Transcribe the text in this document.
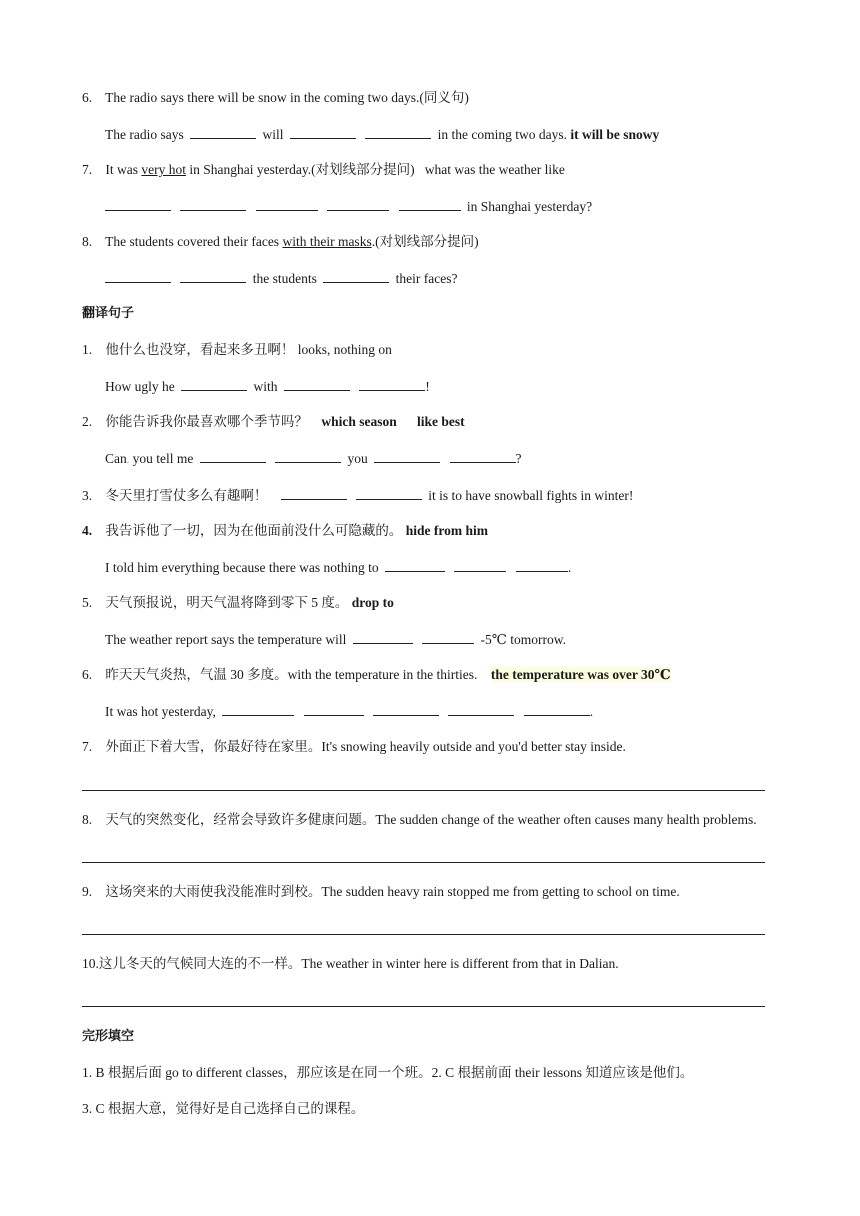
6. The radio says there will be snow in the coming two days.(同义句)
The radio says	will	in the coming two days. it will be snowy
7. It was very hot in Shanghai yesterday.(对划线部分提问) what was the weather like
in Shanghai yesterday?
8. The students covered their faces with their masks.(对划线部分提问)
the students	their faces?
翻译句子
1. 他什么也没穿，看起来多丑啊！ looks, nothing on
How ugly he	with	!
2. 你能告诉我你最喜欢哪个季节吗？ which season like best
Can. you tell me	you	?
3. 冬天里打雪仗多么有趣啊！	it is to have snowball fights in winter!
4. 我告诉他了一切，因为在他面前没什么可隐藏的。 hide from him
I told him everything because there was nothing to	.
5. 天气预报说，明天气温将降到零下 5 度。 drop to
The weather report says the temperature will	-5℃ tomorrow.
6. 昨天天气炎热，气温 30 多度。with the temperature in the thirties. the temperature was over 30℃
It was hot yesterday,	.
7. 外面正下着大雪，你最好待在家里。It's snowing heavily outside and you'd better stay inside.
8. 天气的突然变化，经常会导致许多健康问题。The sudden change of the weather often causes many health problems.
9. 这场突来的大雨使我没能准时到校。The sudden heavy rain stopped me from getting to school on time.
10.这儿冬天的气候同大连的不一样。The weather in winter here is different from that in Dalian.
完形填空
1. B 根据后面 go to different classes，那应该是在同一个班。2. C 根据前面 their lessons 知道应该是他们。
3. C 根据大意，觉得好是自己选择自己的课程。
